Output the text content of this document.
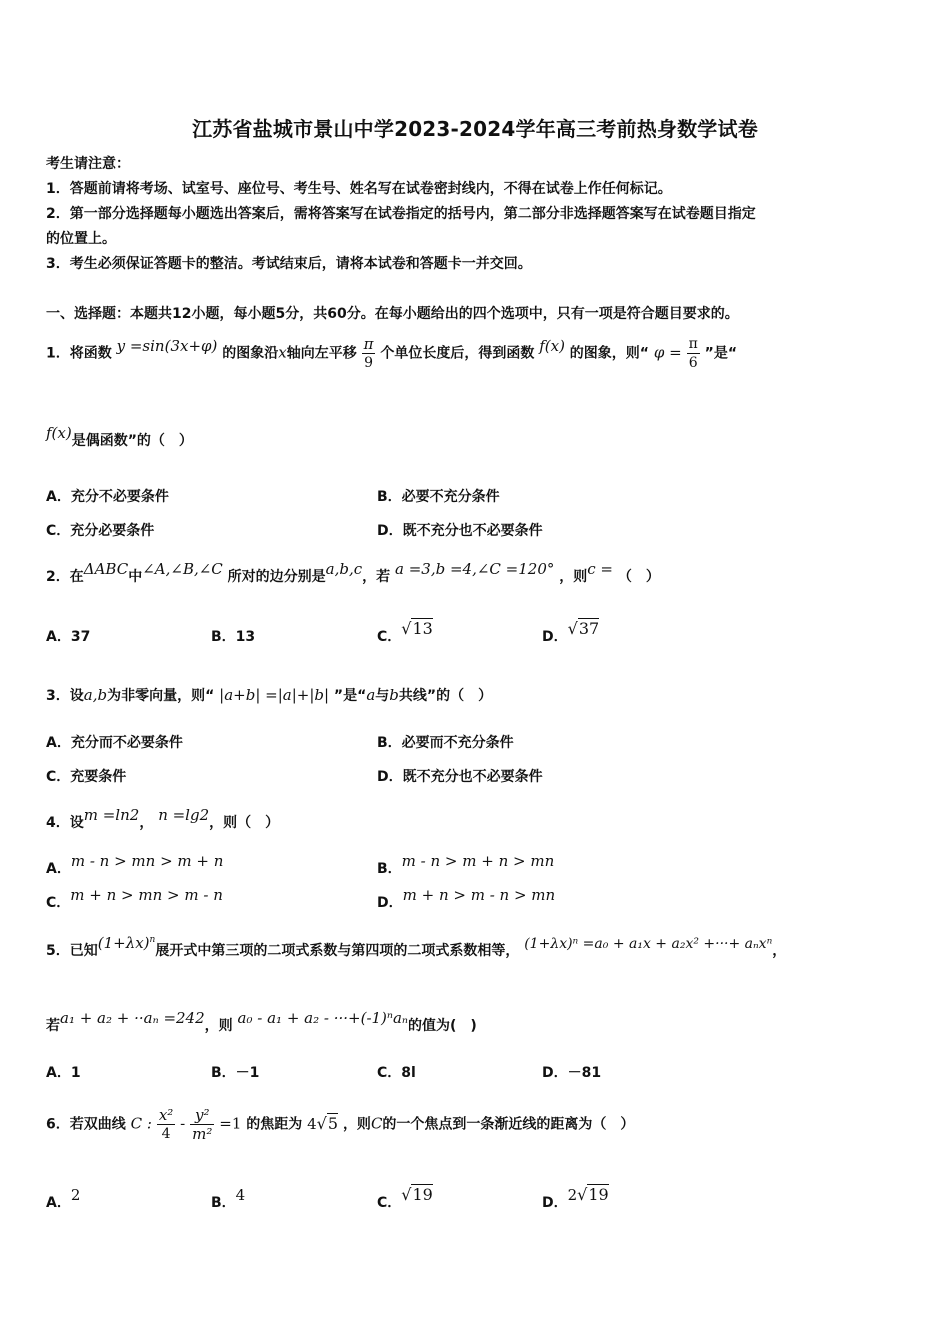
江苏省盐城市景山中学2023-2024学年高三考前热身数学试卷
考生请注意：
1．答题前请将考场、试室号、座位号、考生号、姓名写在试卷密封线内，不得在试卷上作任何标记。
2．第一部分选择题每小题选出答案后，需将答案写在试卷指定的括号内，第二部分非选择题答案写在试卷题目指定
的位置上。
3．考生必须保证答题卡的整洁。考试结束后，请将本试卷和答题卡一并交回。
一、选择题：本题共12小题，每小题5分，共60分。在每小题给出的四个选项中，只有一项是符合题目要求的。
1．将函数 y =sin(3x+φ) 的图象沿x轴向左平移 $\frac{\pi}{9}$ 个单位长度后，得到函数 f(x) 的图象，则“ $\varphi = \frac{\pi}{6}$ ”是“
f(x)是偶函数”的（　）
A．充分不必要条件	B．必要不充分条件
C．充分必要条件	D．既不充分也不必要条件
2．在ΔABC中∠A,∠B,∠C 所对的边分别是a,b,c，若 a =3,b =4,∠C =120° ，则c = （　）
A．37	B．13	C．√13	D．√37
3．设a,b为非零向量，则“ |a+b| =|a|+|b| ”是“a与b共线”的（　）
A．充分而不必要条件	B．必要而不充分条件
C．充要条件	D．既不充分也不必要条件
4．设m =ln2， n =lg2，则（　）
A．m - n > mn > m + n	B．m - n > m + n > mn
C．m + n > mn > m - n	D．m + n > m - n > mn
5．已知$(1+\lambda x)^n$展开式中第三项的二项式系数与第四项的二项式系数相等， (1+λx)ⁿ =a₀ + a₁x + a₂x² +···+ aₙxⁿ，
若a₁ + a₂ + ··aₙ =242，则 a₀ - a₁ + a₂ - ···+(-1)ⁿaₙ的值为(　)
A．1	B．－1	C．8l	D．－81
6．若双曲线 C : $\frac{\text{x²}}{4} - \frac{\text{y²}}{\text{m²}} =1$ 的焦距为 4√5 ，则C的一个焦点到一条渐近线的距离为（　）
A．2	B．4	C．√19	D．2√19
